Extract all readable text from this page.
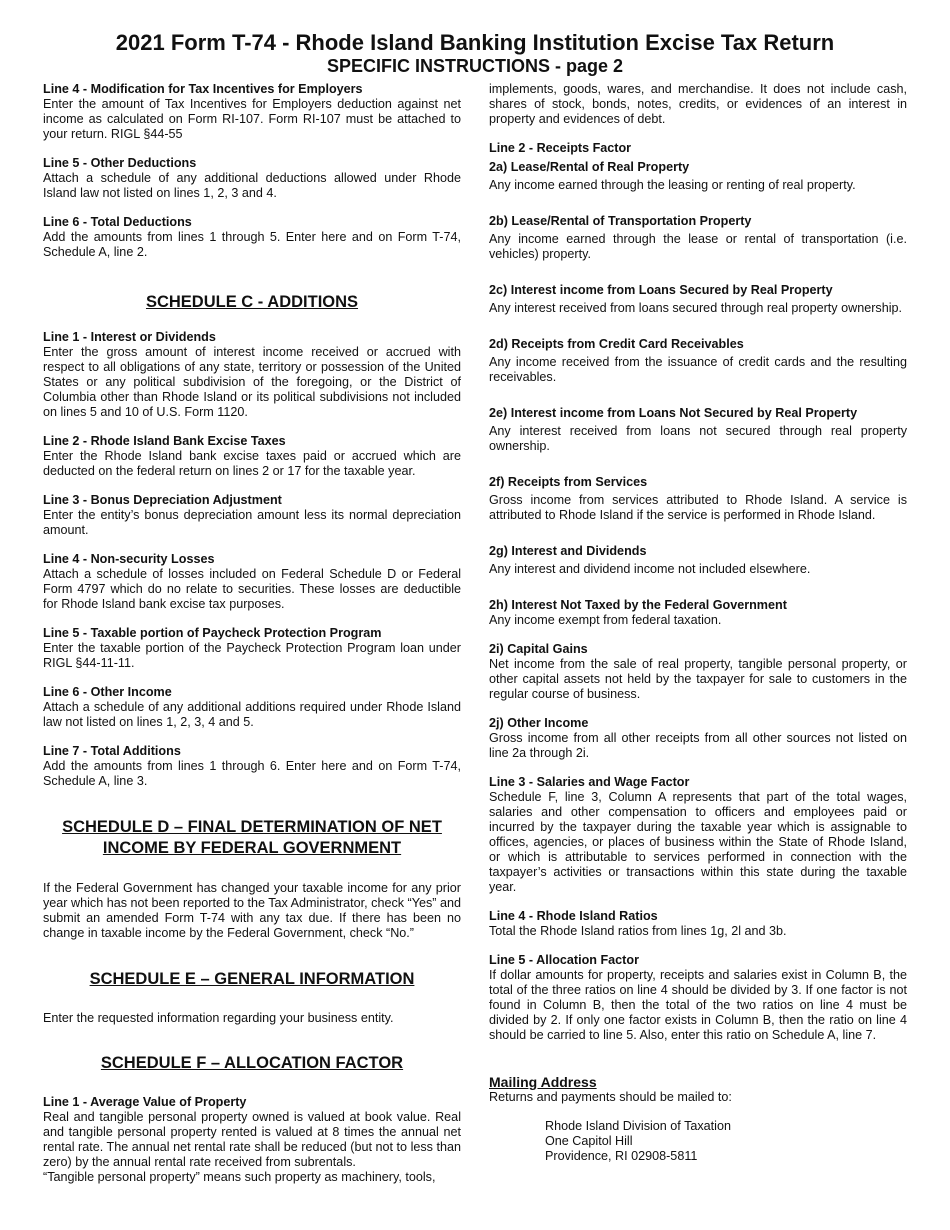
2021 Form T-74 - Rhode Island Banking Institution Excise Tax Return
SPECIFIC INSTRUCTIONS - page 2

Line 4 - Modification for Tax Incentives for Employers

Enter the amount of Tax Incentives for Employers deduction against net income as calculated on Form RI-107. Form RI-107 must be attached to your return. RIGL §44-55

Line 5 - Other Deductions

Attach a schedule of any additional deductions allowed under Rhode Island law not listed on lines 1, 2, 3 and 4.

Line 6 - Total Deductions

Add the amounts from lines 1 through 5. Enter here and on Form T-74, Schedule A, line 2.

SCHEDULE C - ADDITIONS

Line 1 - Interest or Dividends

Enter the gross amount of interest income received or accrued with respect to all obligations of any state, territory or possession of the United States or any political subdivision of the foregoing, or the District of Columbia other than Rhode Island or its political subdivisions not included on lines 5 and 10 of U.S. Form 1120.

Line 2 - Rhode Island Bank Excise Taxes

Enter the Rhode Island bank excise taxes paid or accrued which are deducted on the federal return on lines 2 or 17 for the taxable year.

Line 3 - Bonus Depreciation Adjustment

Enter the entity’s bonus depreciation amount less its normal depreciation amount.

Line 4 - Non-security Losses

Attach a schedule of losses included on Federal Schedule D or Federal Form 4797 which do no relate to securities. These losses are deductible for Rhode Island bank excise tax purposes.

Line 5 - Taxable portion of Paycheck Protection Program

Enter the taxable portion of the Paycheck Protection Program loan under RIGL §44-11-11.

Line 6 - Other Income

Attach a schedule of any additional additions required under Rhode Island law not listed on lines 1, 2, 3, 4 and 5.

Line 7 - Total Additions

Add the amounts from lines 1 through 6. Enter here and on Form T-74, Schedule A, line 3.

SCHEDULE D – FINAL DETERMINATION OF NET

INCOME BY FEDERAL GOVERNMENT

If the Federal Government has changed your taxable income for any prior year which has not been reported to the Tax Administrator, check “Yes” and submit an amended Form T-74 with any tax due. If there has been no change in taxable income by the Federal Government, check “No.”

SCHEDULE E – GENERAL INFORMATION

Enter the requested information regarding your business entity.

SCHEDULE F – ALLOCATION FACTOR

Line 1 - Average Value of Property

Real and tangible personal property owned is valued at book value. Real and tangible personal property rented is valued at 8 times the annual net rental rate. The annual net rental rate shall be reduced (but not to less than zero) by the annual rental rate received from subrentals.

“Tangible personal property” means such property as machinery, tools,

implements, goods, wares, and merchandise. It does not include cash, shares of stock, bonds, notes, credits, or evidences of an interest in property and evidences of debt.

Line 2 - Receipts Factor

2a) Lease/Rental of Real Property

Any income earned through the leasing or renting of real property.

2b) Lease/Rental of Transportation Property

Any income earned through the lease or rental of transportation (i.e. vehicles) property.

2c) Interest income from Loans Secured by Real Property

Any interest received from loans secured through real property ownership.

2d) Receipts from Credit Card Receivables

Any income received from the issuance of credit cards and the resulting receivables.

2e) Interest income from Loans Not Secured by Real Property

Any interest received from loans not secured through real property ownership.

2f) Receipts from Services

Gross income from services attributed to Rhode Island. A service is attributed to Rhode Island if the service is performed in Rhode Island.

2g) Interest and Dividends

Any interest and dividend income not included elsewhere.

2h) Interest Not Taxed by the Federal Government

Any income exempt from federal taxation.

2i) Capital Gains

Net income from the sale of real property, tangible personal property, or other capital assets not held by the taxpayer for sale to customers in the regular course of business.

2j) Other Income

Gross income from all other receipts from all other sources not listed on line 2a through 2i.

Line 3 - Salaries and Wage Factor

Schedule F, line 3, Column A represents that part of the total wages, salaries and other compensation to officers and employees paid or incurred by the taxpayer during the taxable year which is assignable to offices, agencies, or places of business within the State of Rhode Island, or which is attributable to services performed in connection with the taxpayer’s activities or transactions within this state during the taxable year.

Line 4 - Rhode Island Ratios

Total the Rhode Island ratios from lines 1g, 2l and 3b.

Line 5 - Allocation Factor

If dollar amounts for property, receipts and salaries exist in Column B, the total of the three ratios on line 4 should be divided by 3. If one factor is not found in Column B, then the total of the two ratios on line 4 must be divided by 2. If only one factor exists in Column B, then the ratio on line 4 should be carried to line 5. Also, enter this ratio on Schedule A, line 7.

Mailing Address

Returns and payments should be mailed to:

Rhode Island Division of Taxation
One Capitol Hill
Providence, RI 02908-5811
